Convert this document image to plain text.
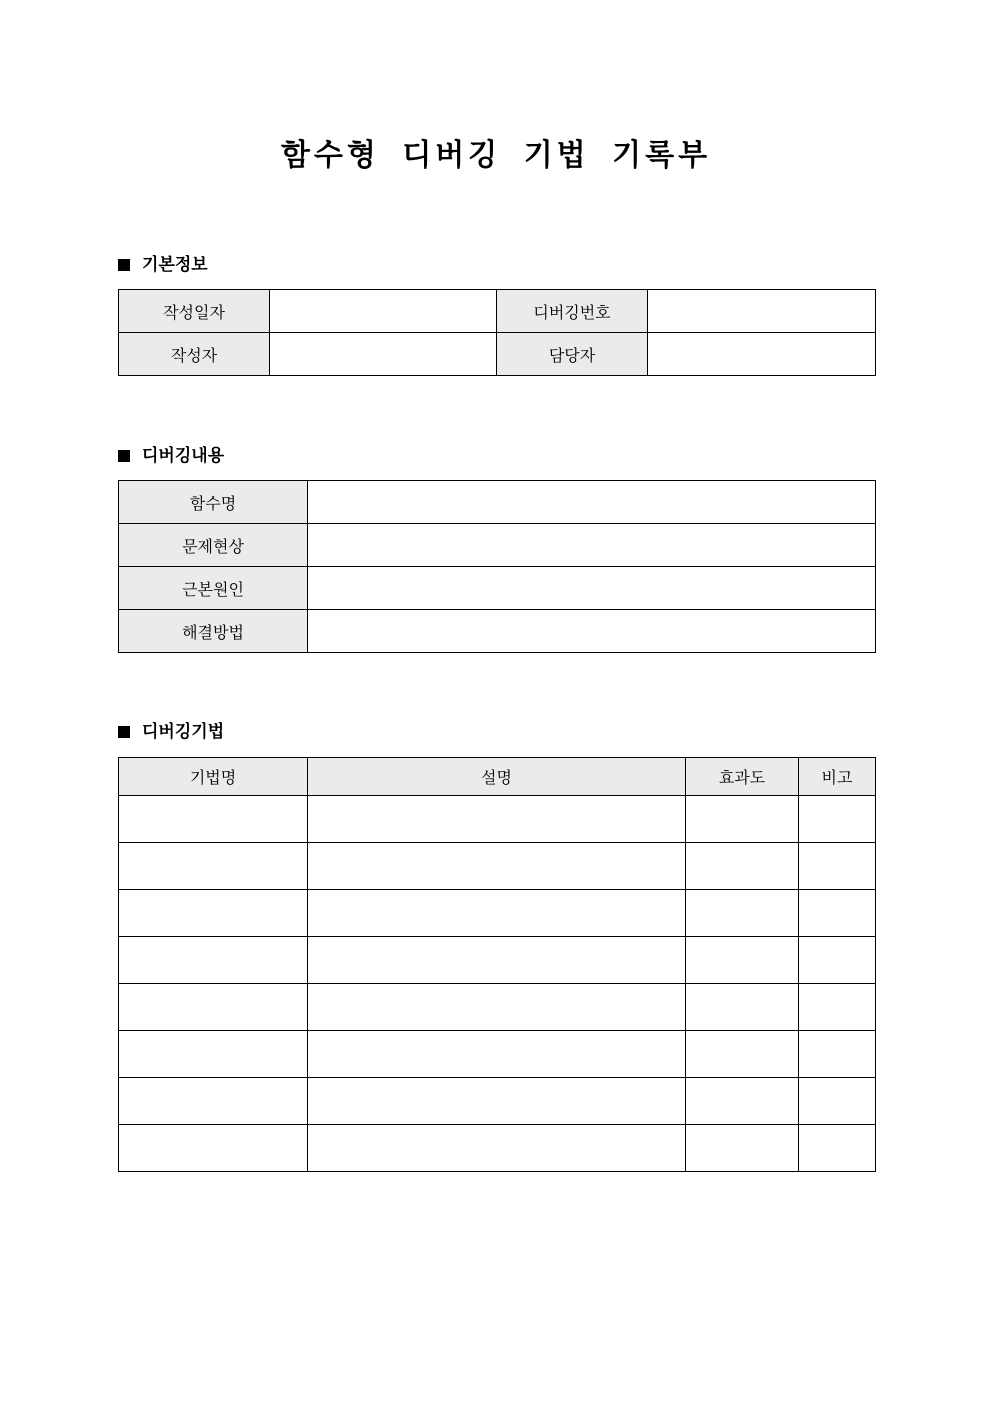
함수형 디버깅 기법 기록부
기본정보
작성일자		디버깅번호	
작성자		담당자	
디버깅내용
함수명	
문제현상	
근본원인	
해결방법	
디버깅기법
기법명	설명	효과도	비고
